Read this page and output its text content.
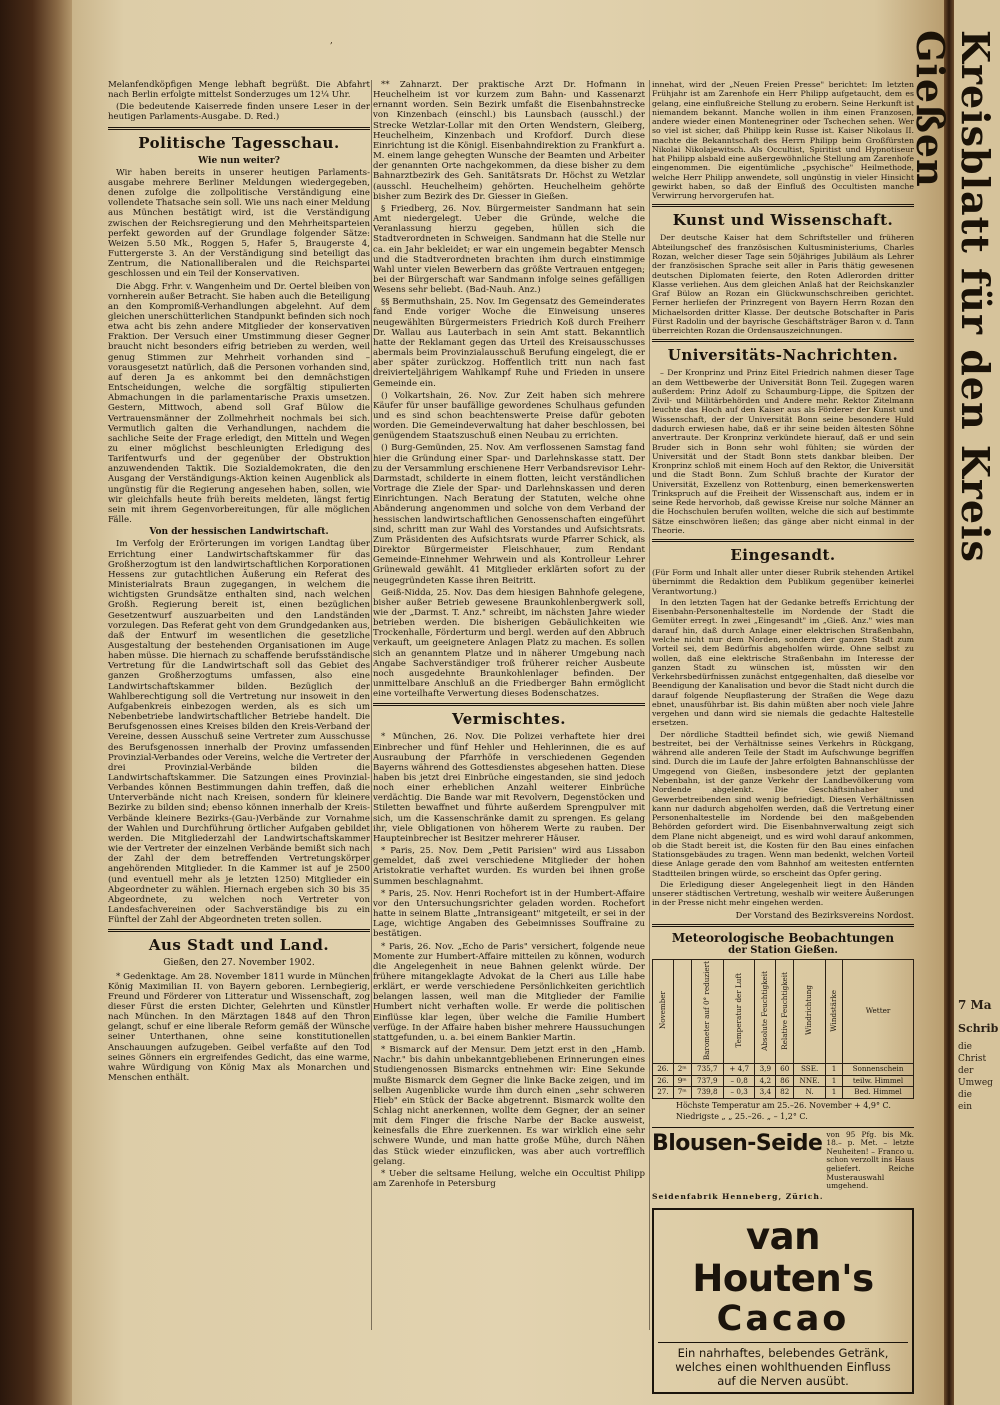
,

Melanfendköpfigen Menge lebhaft begrüßt. Die Abfahrt nach Berlin erfolgte mittelst Sonderzuges um 12¼ Uhr.

(Die bedeutende Kaiserrede finden unsere Leser in der heutigen Parlaments-Ausgabe. D. Red.)

Politische Tagesschau.
Wie nun weiter?

Wir haben bereits in unserer heutigen Parlaments-ausgabe mehrere Berliner Meldungen wiedergegeben, denen zufolge die zollpolitische Verständigung eine vollendete Thatsache sein soll. Wie uns nach einer Meldung aus München bestätigt wird, ist die Verständigung zwischen der Reichsregierung und den Mehrheitsparteien perfekt geworden auf der Grundlage folgender Sätze: Weizen 5.50 Mk., Roggen 5, Hafer 5, Braugerste 4, Futtergerste 3. An der Verständigung sind beteiligt das Zentrum, die Nationalliberalen und die Reichspartei geschlossen und ein Teil der Konservativen.

Die Abgg. Frhr. v. Wangenheim und Dr. Oertel bleiben von vornherein außer Betracht. Sie haben auch die Beteiligung an den Kompromiß-Verhandlungen abgelehnt. Auf dem gleichen unerschütterlichen Standpunkt befinden sich noch etwa acht bis zehn andere Mitglieder der konservativen Fraktion. Der Versuch einer Umstimmung dieser Gegner braucht nicht besonders eifrig betrieben zu werden, weil genug Stimmen zur Mehrheit vorhanden sind – vorausgesetzt natürlich, daß die Personen vorhanden sind, auf deren Ja es ankommt bei den demnächstigen Entscheidungen, welche die sorgfältig stipulierten Abmachungen in die parlamentarische Praxis umsetzen. Gestern, Mittwoch, abend soll Graf Bülow die Vertrauensmänner der Zollmehrheit nochmals bei sich. Vermutlich galten die Verhandlungen, nachdem die sachliche Seite der Frage erledigt, den Mitteln und Wegen zu einer möglichst beschleunigten Erledigung des Tarifentwurfs und der gegenüber der Obstruktion anzuwendenden Taktik. Die Sozialdemokraten, die den Ausgang der Verständigungs-Aktion keinen Augenblick als ungünstig für die Regierung angesehen haben, sollen, wie wir gleichfalls heute früh bereits meldeten, längst fertig sein mit ihrem Gegenvorbereitungen, für alle möglichen Fälle.

Von der hessischen Landwirtschaft.

Im Verfolg der Erörterungen im vorigen Landtag über Errichtung einer Landwirtschaftskammer für das Großherzogtum ist den landwirtschaftlichen Korporationen Hessens zur gutachtlichen Äußerung ein Referat des Ministerialrats Braun zugegangen, in welchem die wichtigsten Grundsätze enthalten sind, nach welchen Großh. Regierung bereit ist, einen bezüglichen Gesetzentwurf auszuarbeiten und den Landständen vorzulegen. Das Referat geht von dem Grundgedanken aus, daß der Entwurf im wesentlichen die gesetzliche Ausgestaltung der bestehenden Organisationen im Auge haben müsse. Die hiernach zu schaffende berufsständische Vertretung für die Landwirtschaft soll das Gebiet des ganzen Großherzogtums umfassen, also eine Landwirtschaftskammer bilden. Bezüglich der Wahlberechtigung soll die Vertretung nur insoweit in den Aufgabenkreis einbezogen werden, als es sich um Nebenbetriebe landwirtschaftlicher Betriebe handelt. Die Berufsgenossen eines Kreises bilden den Kreis-Verband der Vereine, dessen Ausschuß seine Vertreter zum Ausschusse des Berufsgenossen innerhalb der Provinz umfassenden Provinzial-Verbandes oder Vereins, welche die Vertreter der drei Provinzial-Verbände bilden die Landwirtschaftskammer. Die Satzungen eines Provinzial-Verbandes können Bestimmungen dahin treffen, daß die Unterverbände nicht nach Kreisen, sondern für kleinere Bezirke zu bilden sind; ebenso können innerhalb der Kreis-Verbände kleinere Bezirks-(Gau-)Verbände zur Vornahme der Wahlen und Durchführung örtlicher Aufgaben gebildet werden. Die Mitgliederzahl der Landwirtschaftskammer wie der Vertreter der einzelnen Verbände bemißt sich nach der Zahl der dem betreffenden Vertretungskörper angehörenden Mitglieder. In die Kammer ist auf je 2500 (und eventuell mehr als je letzten 1250) Mitglieder ein Abgeordneter zu wählen. Hiernach ergeben sich 30 bis 35 Abgeordnete, zu welchen noch Vertreter von Landesfachvereinen oder Sachverständige bis zu ein Fünftel der Zahl der Abgeordneten treten sollen.

Aus Stadt und Land.
Gießen, den 27. November 1902.

* Gedenktage. Am 28. November 1811 wurde in München König Maximilian II. von Bayern geboren. Lernbegierig, Freund und Förderer von Litteratur und Wissenschaft, zog dieser Fürst die ersten Dichter, Gelehrten und Künstler nach München. In den Märztagen 1848 auf den Thron gelangt, schuf er eine liberale Reform gemäß der Wünsche seiner Unterthanen, ohne seine konstitutionellen Anschauungen aufzugeben. Geibel verfaßte auf den Tod seines Gönners ein ergreifendes Gedicht, das eine warme, wahre Würdigung von König Max als Monarchen und Menschen enthält.

** Zahnarzt. Der praktische Arzt Dr. Hofmann in Heuchelheim ist vor kurzem zum Bahn- und Kassenarzt ernannt worden. Sein Bezirk umfaßt die Eisenbahnstrecke von Kinzenbach (einschl.) bis Launsbach (ausschl.) der Strecke Wetzlar-Lollar mit den Orten Wendstern, Gleiberg, Heuchelheim, Kinzenbach und Krofdorf. Durch diese Einrichtung ist die Königl. Eisenbahndirektion zu Frankfurt a. M. einem lange gehegten Wunsche der Beamten und Arbeiter der genannten Orte nachgekommen, da diese bisher zu dem Bahnarztbezirk des Geh. Sanitätsrats Dr. Höchst zu Wetzlar (ausschl. Heuchelheim) gehörten. Heuchelheim gehörte bisher zum Bezirk des Dr. Giesser in Gießen.

§ Friedberg, 26. Nov. Bürgermeister Sandmann hat sein Amt niedergelegt. Ueber die Gründe, welche die Veranlassung hierzu gegeben, hüllen sich die Stadtverordneten in Schweigen. Sandmann hat die Stelle nur ca. ein Jahr bekleidet; er war ein ungemein begabter Mensch und die Stadtverordneten brachten ihm durch einstimmige Wahl unter vielen Bewerbern das größte Vertrauen entgegen; bei der Bürgerschaft war Sandmann infolge seines gefälligen Wesens sehr beliebt. (Bad-Nauh. Anz.)

§§ Bermuthshain, 25. Nov. Im Gegensatz des Gemeinderates fand Ende voriger Woche die Einweisung unseres neugewählten Bürgermeisters Friedrich Koß durch Freiherr Dr. Wallau aus Lauterbach in sein Amt statt. Bekanntlich hatte der Reklamant gegen das Urteil des Kreisausschusses abermals beim Provinzialausschuß Berufung eingelegt, die er aber später zurückzog. Hoffentlich tritt nun nach fast dreivierteljährigem Wahlkampf Ruhe und Frieden in unsere Gemeinde ein.

() Volkartshain, 26. Nov. Zur Zeit haben sich mehrere Käufer für unser baufällige gewordenes Schulhaus gefunden und es sind schon beachtenswerte Preise dafür geboten worden. Die Gemeindeverwaltung hat daher beschlossen, bei genügendem Staatszuschuß einen Neubau zu errichten.

() Burg-Gemünden, 25. Nov. Am verflossenen Samstag fand hier die Gründung einer Spar- und Darlehnskasse statt. Der zu der Versammlung erschienene Herr Verbandsrevisor Lehr-Darmstadt, schilderte in einem flotten, leicht verständlichen Vortrage die Ziele der Spar- und Darlehnskassen und deren Einrichtungen. Nach Beratung der Statuten, welche ohne Abänderung angenommen und solche von dem Verband der hessischen landwirtschaftlichen Genossenschaften eingeführt sind, schritt man zur Wahl des Vorstandes und Aufsichtsrats. Zum Präsidenten des Aufsichtsrats wurde Pfarrer Schick, als Direktor Bürgermeister Fleischhauer, zum Rendant Gemeinde-Einnehmer Wehrwein und als Kontrolleur Lehrer Grünewald gewählt. 41 Mitglieder erklärten sofort zu der neugegründeten Kasse ihren Beitritt.

Geiß-Nidda, 25. Nov. Das dem hiesigen Bahnhofe gelegene, bisher außer Betrieb gewesene Braunkohlenbergwerk soll, wie der „Darmst. T. Anz." schreibt, im nächsten Jahre wieder betrieben werden. Die bisherigen Gebäulichkeiten wie Trockenhalle, Förderturm und bergl. werden auf den Abbruch verkauft, um geeignetere Anlagen Platz zu machen. Es sollen sich an genanntem Platze und in näherer Umgebung nach Angabe Sachverständiger troß früherer reicher Ausbeute noch ausgedehnte Braunkohlenlager befinden. Der unmittelbare Anschluß an die Friedberger Bahn ermöglicht eine vorteilhafte Verwertung dieses Bodenschatzes.

Vermischtes.

* München, 26. Nov. Die Polizei verhaftete hier drei Einbrecher und fünf Hehler und Hehlerinnen, die es auf Ausraubung der Pfarrhöfe in verschiedenen Gegenden Bayerns während des Gottesdienstes abgesehen hatten. Diese haben bis jetzt drei Einbrüche eingestanden, sie sind jedoch noch einer erheblichen Anzahl weiterer Einbrüche verdächtig. Die Bande war mit Revolvern, Degenstöcken und Stiletten bewaffnet und führte außerdem Sprengpulver mit sich, um die Kassenschränke damit zu sprengen. Es gelang ihr, viele Obligationen von höherem Werte zu rauben. Der Haupteinbrecher ist Besitzer mehrerer Häuser.

* Paris, 25. Nov. Dem „Petit Parisien" wird aus Lissabon gemeldet, daß zwei verschiedene Mitglieder der hohen Aristokratie verhaftet wurden. Es wurden bei ihnen große Summen beschlagnahmt.

* Paris, 25. Nov. Henri Rochefort ist in der Humbert-Affaire vor den Untersuchungsrichter geladen worden. Rochefort hatte in seinem Blatte „Intransigeant" mitgeteilt, er sei in der Lage, wichtige Angaben des Gebeimnisses Souffraine zu bestätigen.

* Paris, 26. Nov. „Echo de Paris" versichert, folgende neue Momente zur Humbert-Affaire mitteilen zu können, wodurch die Angelegenheit in neue Bahnen gelenkt würde. Der frühere mitangeklagte Advokat de la Cheri aus Lille habe erklärt, er werde verschiedene Persönlichkeiten gerichtlich belangen lassen, weil man die Mitglieder der Familie Humbert nicht verhaften wolle. Er werde die politischen Einflüsse klar legen, über welche die Familie Humbert verfüge. In der Affaire haben bisher mehrere Haussuchungen stattgefunden, u. a. bei einem Bankier Martin.

* Bismarck auf der Mensur. Dem jetzt erst in den „Hamb. Nachr." bis dahin unbekanntgebliebenen Erinnerungen eines Studiengenossen Bismarcks entnehmen wir: Eine Sekunde mußte Bismarck dem Gegner die linke Backe zeigen, und im selben Augenblicke wurde ihm durch einen „sehr schweren Hieb" ein Stück der Backe abgetrennt. Bismarck wollte den Schlag nicht anerkennen, wollte dem Gegner, der an seiner mit dem Finger die frische Narbe der Backe ausweist, keinesfalls die Ehre zuerkennen. Es war wirklich eine sehr schwere Wunde, und man hatte große Mühe, durch Nähen das Stück wieder einzuflicken, was aber auch vortrefflich gelang.

* Ueber die seltsame Heilung, welche ein Occultist Philipp am Zarenhofe in Petersburg

innehat, wird der „Neuen Freien Presse" berichtet: Im letzten Frühjahr ist am Zarenhofe ein Herr Philipp aufgetaucht, dem es gelang, eine einflußreiche Stellung zu erobern. Seine Herkunft ist niemandem bekannt. Manche wollen in ihm einen Franzosen, andere wieder einen Montenegriner oder Tschechen sehen. Wer so viel ist sicher, daß Philipp kein Russe ist. Kaiser Nikolaus II. machte die Bekanntschaft des Herrn Philipp beim Großfürsten Nikolai Nikolajewitsch. Als Occultist, Spiritist und Hypnotiseur hat Philipp alsbald eine außergewöhnliche Stellung am Zarenhofe eingenommen. Die eigentümliche „psychische" Heilmethode, welche Herr Philipp anwendete, soll ungünstig in vieler Hinsicht gewirkt haben, so daß der Einfluß des Occultisten manche Verwirrung hervorgerufen hat.

Kunst und Wissenschaft.

Der deutsche Kaiser hat dem Schriftsteller und früheren Abteilungschef des französischen Kultusministeriums, Charles Rozan, welcher dieser Tage sein 50jähriges Jubiläum als Lehrer der französischen Sprache seit aller in Paris thätig gewesenen deutschen Diplomaten feierte, den Roten Adlerorden dritter Klasse verliehen. Aus dem gleichen Anlaß hat der Reichskanzler Graf Bülow an Rozan ein Glückwunschschreiben gerichtet. Ferner herliefen der Prinzregent von Bayern Herrn Rozan den Michaelsorden dritter Klasse. Der deutsche Botschafter in Paris Fürst Radolin und der bayrische Geschäftsträger Baron v. d. Tann überreichten Rozan die Ordensauszeichnungen.

Universitäts-Nachrichten.

– Der Kronprinz und Prinz Eitel Friedrich nahmen dieser Tage an dem Wettbewerbe der Universität Bonn Teil. Zugegen waren außerdem: Prinz Adolf zu Schaumburg-Lippe, die Spitzen der Zivil- und Militärbehörden und Andere mehr. Rektor Zitelmann leuchte das Hoch auf den Kaiser aus als Förderer der Kunst und Wissenschaft, der der Universität Bonn seine besondere Huld dadurch erwiesen habe, daß er ihr seine beiden ältesten Söhne anvertraute. Der Kronprinz verkündete hierauf, daß er und sein Bruder sich in Bonn sehr wohl fühlten; sie würden der Universität und der Stadt Bonn stets dankbar bleiben. Der Kronprinz schloß mit einem Hoch auf den Rektor, die Universität und die Stadt Bonn. Zum Schluß brachte der Kurator der Universität, Exzellenz von Rottenburg, einen bemerkenswerten Trinkspruch auf die Freiheit der Wissenschaft aus, indem er in seine Rede hervorhob, daß gewisse Kreise nur solche Männer an die Hochschulen berufen wollten, welche die sich auf bestimmte Sätze einschwören ließen; das gänge aber nicht einmal in der Theorie.

Eingesandt.

(Für Form und Inhalt aller unter dieser Rubrik stehenden Artikel übernimmt die Redaktion dem Publikum gegenüber keinerlei Verantwortung.)

In den letzten Tagen hat der Gedanke betreffs Errichtung der Eisenbahn-Personenhaltestelle im Nordende der Stadt die Gemüter erregt. In zwei „Eingesandt" im „Gieß. Anz." wies man darauf hin, daß durch Anlage einer elektrischen Straßenbahn, welche nicht nur dem Norden, sondern der ganzen Stadt zum Vorteil sei, dem Bedürfnis abgeholfen würde. Ohne selbst zu wollen, daß eine elektrische Straßenbahn im Interesse der ganzen Stadt zu wünschen ist, müssten wir den Verkehrsbedürfnissen zunächst entgegenhalten, daß dieselbe vor Beendigung der Kanalisation und bevor die Stadt nicht durch die darauf folgende Neupflasterung der Straßen die Wege dazu ebnet, unausführbar ist. Bis dahin müßten aber noch viele Jahre vergehen und dann wird sie niemals die gedachte Haltestelle ersetzen.

Der nördliche Stadtteil befindet sich, wie gewiß Niemand bestreitet, bei der Verhältnisse seines Verkehrs in Rückgang, während alle anderen Teile der Stadt im Aufschwunge begriffen sind. Durch die im Laufe der Jahre erfolgten Bahnanschlüsse der Umgegend von Gießen, insbesondere jetzt der geplanten Nebenbahn, ist der ganze Verkehr der Landbevölkerung vom Nordende abgelenkt. Die Geschäftsinhaber und Gewerbetreibenden sind wenig befriedigt. Diesen Verhältnissen kann nur dadurch abgeholfen werden, daß die Vertretung einer Personenhaltestelle im Nordende bei den maßgebenden Behörden gefordert wird. Die Eisenbahnverwaltung zeigt sich dem Plane nicht abgeneigt, und es wird wohl darauf ankommen, ob die Stadt bereit ist, die Kosten für den Bau eines einfachen Stationsgebäudes zu tragen. Wenn man bedenkt, welchen Vorteil diese Anlage gerade den vom Bahnhof am weitesten entfernten Stadtteilen bringen würde, so erscheint das Opfer gering.

Die Erledigung dieser Angelegenheit liegt in den Händen unserer städtischen Vertretung, weshalb wir weitere Äußerungen in der Presse nicht mehr eingehen werden.

Der Vorstand des Bezirksvereins Nordost.
Meteorologische Beobachtungen
der Station Gießen.
November		Barometer auf 0° reduziert	Temperatur der Luft	Absolute Feuchtigkeit	Relative Feuchtigkeit	Windrichtung	Windstärke	Wetter
26.	2ᵐ	735,7	+ 4,7	3,9	60	SSE.	1	Sonnenschein
26.	9ᵐ	737,9	– 0,8	4,2	86	NNE.	1	teilw. Himmel
27.	7ᵐ	739,8	– 0,3	3,4	82	N.	1	Bed. Himmel
Höchste Temperatur am 25.–26. November + 4,9° C.
Niedrigste „ „ 25.–26. „ – 1,2° C.
Blousen-Seide von 95 Pfg. bis Mk. 18.– p. Met. – letzte Neuheiten! – Franco u. schon verzollt ins Haus geliefert. Reiche Musterauswahl umgehend.
Seidenfabrik Henneberg, Zürich.
van Houten's
Cacao
Ein nahrhaftes, belebendes Getränk,
welches einen wohlthuenden Einfluss
auf die Nerven ausübt.
Kreisblatt für den Kreis Gießen
7 Ma
Schrib
die
Christ
der
Umweg
die
ein
